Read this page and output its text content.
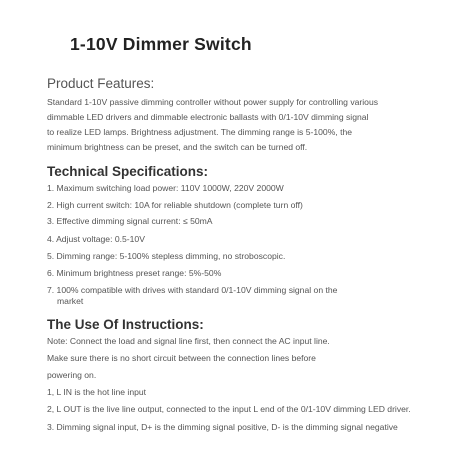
1-10V Dimmer Switch
Product Features:
Standard 1-10V passive dimming controller without power supply for controlling various
dimmable LED drivers and dimmable electronic ballasts with 0/1-10V dimming signal
to realize LED lamps. Brightness adjustment. The dimming range is 5-100%, the
minimum brightness can be preset, and the switch can be turned off.
Technical Specifications:
1. Maximum switching load power: 110V 1000W, 220V 2000W
2. High current switch: 10A for reliable shutdown (complete turn off)
3. Effective dimming signal current: ≤ 50mA
4. Adjust voltage: 0.5-10V
5. Dimming range: 5-100% stepless dimming, no stroboscopic.
6. Minimum brightness preset range: 5%-50%
7. 100% compatible with drives with standard 0/1-10V dimming signal on the
market
The Use Of Instructions:
Note: Connect the load and signal line first, then connect the AC input line.
Make sure there is no short circuit between the connection lines before
powering on.
1, L IN is the hot line input
2, L OUT is the live line output, connected to the input L end of the 0/1-10V dimming LED driver.
3. Dimming signal input, D+ is the dimming signal positive, D- is the dimming signal negative
